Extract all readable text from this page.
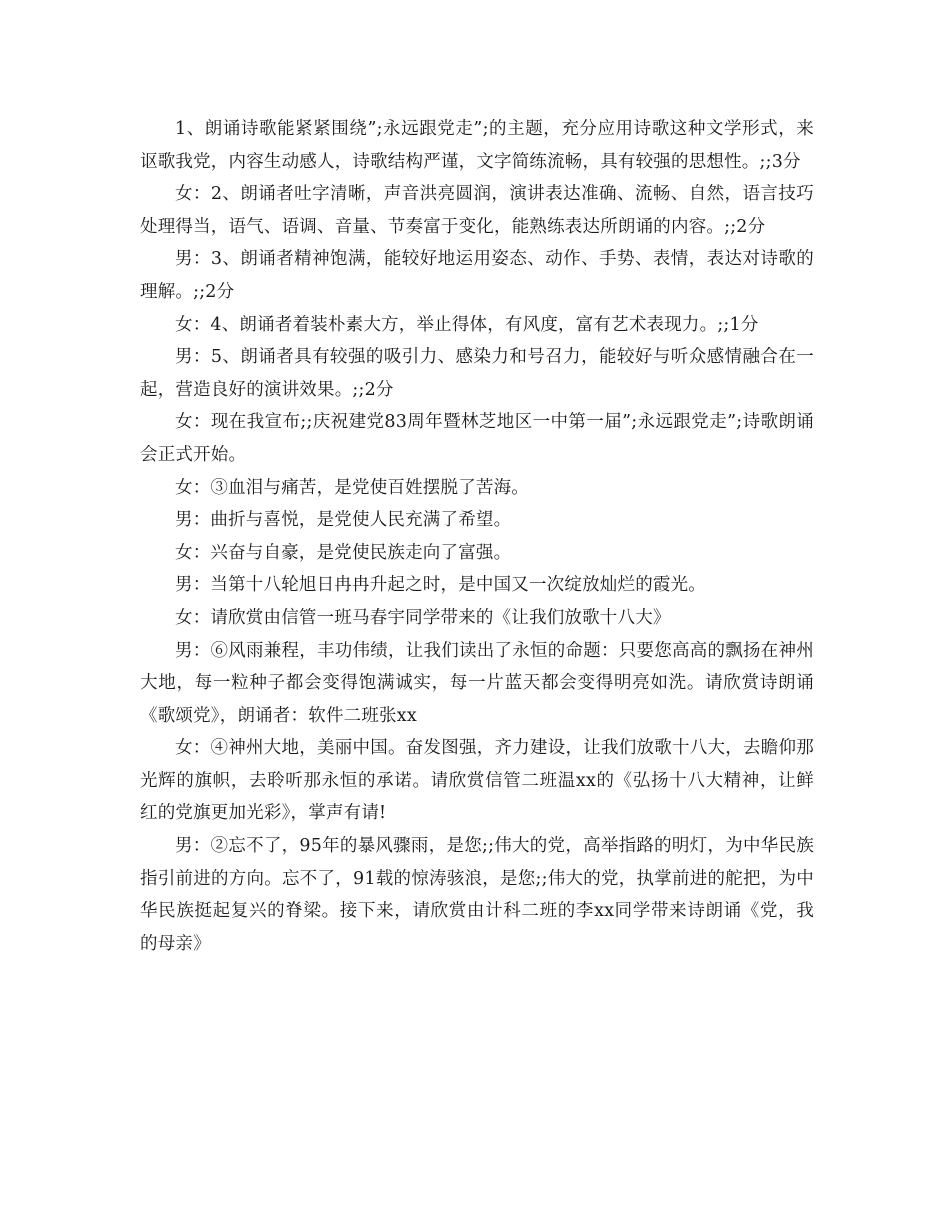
1、朗诵诗歌能紧紧围绕”;永远跟党走”;的主题，充分应用诗歌这种文学形式，来讴歌我党，内容生动感人，诗歌结构严谨，文字简练流畅，具有较强的思想性。;;3分

女：2、朗诵者吐字清晰，声音洪亮圆润，演讲表达准确、流畅、自然，语言技巧处理得当，语气、语调、音量、节奏富于变化，能熟练表达所朗诵的内容。;;2分

男：3、朗诵者精神饱满，能较好地运用姿态、动作、手势、表情，表达对诗歌的理解。;;2分

女：4、朗诵者着装朴素大方，举止得体，有风度，富有艺术表现力。;;1分

男：5、朗诵者具有较强的吸引力、感染力和号召力，能较好与听众感情融合在一起，营造良好的演讲效果。;;2分

女：现在我宣布;;庆祝建党83周年暨林芝地区一中第一届”;永远跟党走”;诗歌朗诵会正式开始。

女：③血泪与痛苦，是党使百姓摆脱了苦海。

男：曲折与喜悦，是党使人民充满了希望。

女：兴奋与自豪，是党使民族走向了富强。

男：当第十八轮旭日冉冉升起之时，是中国又一次绽放灿烂的霞光。

女：请欣赏由信管一班马春宇同学带来的《让我们放歌十八大》

男：⑥风雨兼程，丰功伟绩，让我们读出了永恒的命题：只要您高高的飘扬在神州大地，每一粒种子都会变得饱满诚实，每一片蓝天都会变得明亮如洗。请欣赏诗朗诵《歌颂党》，朗诵者：软件二班张xx

女：④神州大地，美丽中国。奋发图强，齐力建设，让我们放歌十八大，去瞻仰那光辉的旗帜，去聆听那永恒的承诺。请欣赏信管二班温xx的《弘扬十八大精神，让鲜红的党旗更加光彩》，掌声有请!

男：②忘不了，95年的暴风骤雨，是您;;伟大的党，高举指路的明灯，为中华民族指引前进的方向。忘不了，91载的惊涛骇浪，是您;;伟大的党，执掌前进的舵把，为中华民族挺起复兴的脊梁。接下来，请欣赏由计科二班的李xx同学带来诗朗诵《党，我的母亲》
